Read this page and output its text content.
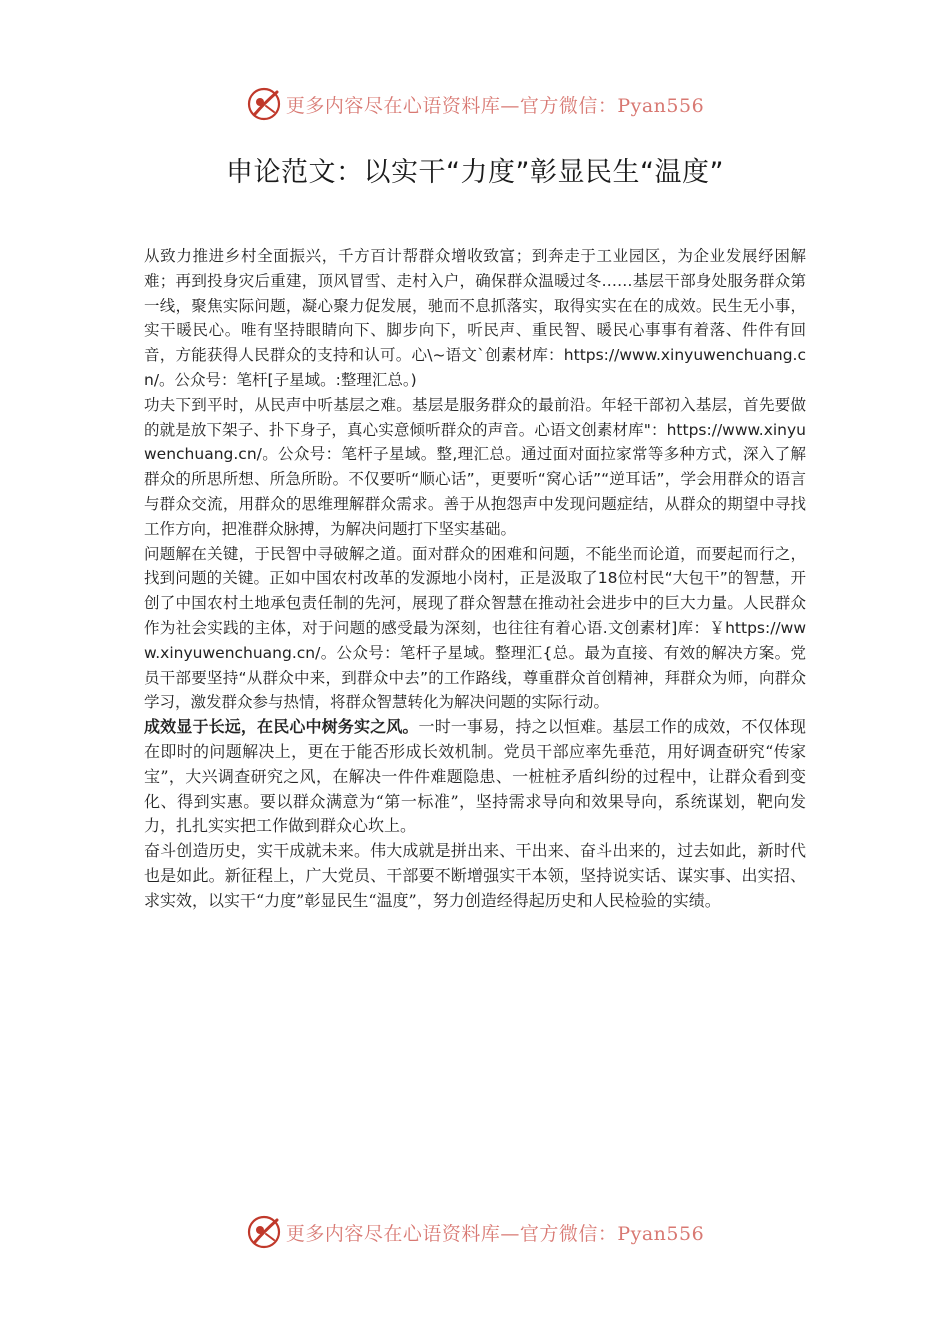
更多内容尽在心语资料库—官方微信：Pyan556
申论范文：以实干“力度”彰显民生“温度”

从致力推进乡村全面振兴，千方百计帮群众增收致富；到奔走于工业园区，为企业发展纾困解难；再到投身灾后重建，顶风冒雪、走村入户，确保群众温暖过冬……基层干部身处服务群众第一线，聚焦实际问题，凝心聚力促发展，驰而不息抓落实，取得实实在在的成效。民生无小事，实干暖民心。唯有坚持眼睛向下、脚步向下，听民声、重民智、暖民心事事有着落、件件有回音，方能获得人民群众的支持和认可。心\~语文`创素材库：https://www.xinyuwenchuang.cn/。公众号：笔杆[子星域。:整理汇总。)

功夫下到平时，从民声中听基层之难。基层是服务群众的最前沿。年轻干部初入基层，首先要做的就是放下架子、扑下身子，真心实意倾听群众的声音。心语文创素材库"：https://www.xinyuwenchuang.cn/。公众号：笔杆子星域。整,理汇总。通过面对面拉家常等多种方式，深入了解群众的所思所想、所急所盼。不仅要听“顺心话”，更要听“窝心话”“逆耳话”，学会用群众的语言与群众交流，用群众的思维理解群众需求。善于从抱怨声中发现问题症结，从群众的期望中寻找工作方向，把准群众脉搏，为解决问题打下坚实基础。

问题解在关键，于民智中寻破解之道。面对群众的困难和问题，不能坐而论道，而要起而行之，找到问题的关键。正如中国农村改革的发源地小岗村，正是汲取了18位村民“大包干”的智慧，开创了中国农村土地承包责任制的先河，展现了群众智慧在推动社会进步中的巨大力量。人民群众作为社会实践的主体，对于问题的感受最为深刻，也往往有着心语.文创素材]库：￥https://www.xinyuwenchuang.cn/。公众号：笔杆子星域。整理汇{总。最为直接、有效的解决方案。党员干部要坚持“从群众中来，到群众中去”的工作路线，尊重群众首创精神，拜群众为师，向群众学习，激发群众参与热情，将群众智慧转化为解决问题的实际行动。

成效显于长远，在民心中树务实之风。一时一事易，持之以恒难。基层工作的成效，不仅体现在即时的问题解决上，更在于能否形成长效机制。党员干部应率先垂范，用好调查研究“传家宝”，大兴调查研究之风，在解决一件件难题隐患、一桩桩矛盾纠纷的过程中，让群众看到变化、得到实惠。要以群众满意为“第一标准”，坚持需求导向和效果导向，系统谋划，靶向发力，扎扎实实把工作做到群众心坎上。

奋斗创造历史，实干成就未来。伟大成就是拼出来、干出来、奋斗出来的，过去如此，新时代也是如此。新征程上，广大党员、干部要不断增强实干本领，坚持说实话、谋实事、出实招、求实效，以实干“力度”彰显民生“温度”，努力创造经得起历史和人民检验的实绩。

更多内容尽在心语资料库—官方微信：Pyan556
